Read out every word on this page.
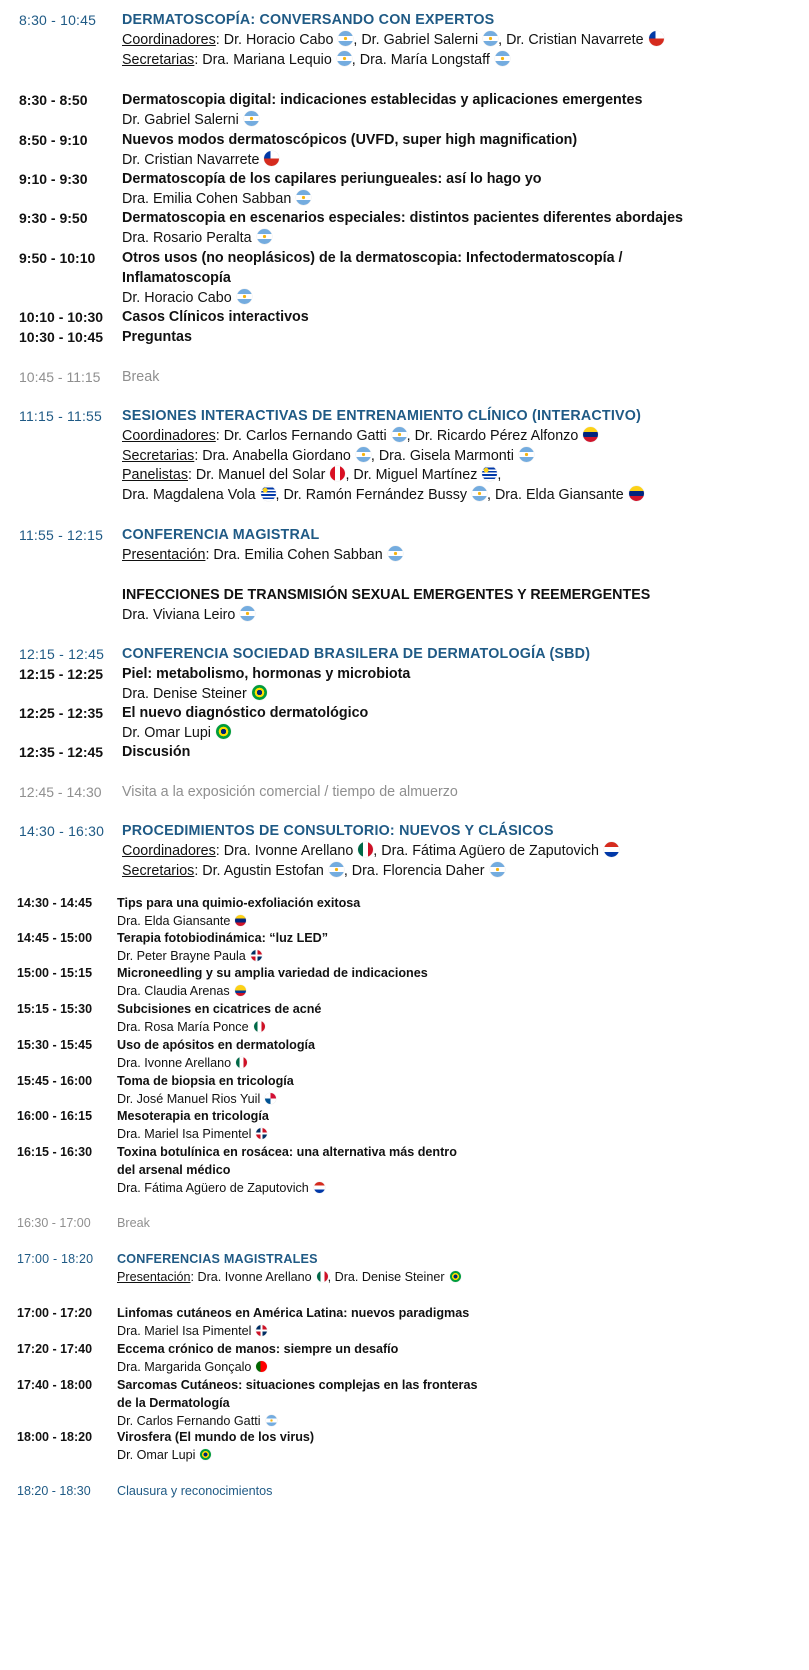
8:30 - 10:45 DERMATOSCOPÍA: CONVERSANDO CON EXPERTOS
Coordinadores: Dr. Horacio Cabo , Dr. Gabriel Salerni , Dr. Cristian Navarrete
Secretarias: Dra. Mariana Lequio , Dra. María Longstaff
8:30 - 8:50 Dermatoscopia digital: indicaciones establecidas y aplicaciones emergentes
Dr. Gabriel Salerni
8:50 - 9:10 Nuevos modos dermatoscópicos (UVFD, super high magnification)
Dr. Cristian Navarrete
9:10 - 9:30 Dermatoscopía de los capilares periungueales: así lo hago yo
Dra. Emilia Cohen Sabban
9:30 - 9:50 Dermatoscopia en escenarios especiales: distintos pacientes diferentes abordajes
Dra. Rosario Peralta
9:50 - 10:10 Otros usos (no neoplásicos) de la dermatoscopia: Infectodermatoscopía /
Inflamatoscopía
Dr. Horacio Cabo
10:10 - 10:30 Casos Clínicos interactivos
10:30 - 10:45 Preguntas
10:45 - 11:15 Break
11:15 - 11:55 SESIONES INTERACTIVAS DE ENTRENAMIENTO CLÍNICO (INTERACTIVO)
Coordinadores: Dr. Carlos Fernando Gatti , Dr. Ricardo Pérez Alfonzo
Secretarias: Dra. Anabella Giordano , Dra. Gisela Marmonti
Panelistas: Dr. Manuel del Solar , Dr. Miguel Martínez ,
Dra. Magdalena Vola , Dr. Ramón Fernández Bussy , Dra. Elda Giansante
11:55 - 12:15 CONFERENCIA MAGISTRAL
Presentación: Dra. Emilia Cohen Sabban
INFECCIONES DE TRANSMISIÓN SEXUAL EMERGENTES Y REEMERGENTES
Dra. Viviana Leiro
12:15 - 12:45 CONFERENCIA SOCIEDAD BRASILERA DE DERMATOLOGÍA (SBD)
12:15 - 12:25 Piel: metabolismo, hormonas y microbiota
Dra. Denise Steiner
12:25 - 12:35 El nuevo diagnóstico dermatológico
Dr. Omar Lupi
12:35 - 12:45 Discusión
12:45 - 14:30 Visita a la exposición comercial / tiempo de almuerzo
14:30 - 16:30 PROCEDIMIENTOS DE CONSULTORIO: NUEVOS Y CLÁSICOS
Coordinadores: Dra. Ivonne Arellano , Dra. Fátima Agüero de Zaputovich
Secretarios: Dr. Agustin Estofan , Dra. Florencia Daher
14:30 - 14:45 Tips para una quimio-exfoliación exitosa
Dra. Elda Giansante
14:45 - 15:00 Terapia fotobiodinámica: “luz LED”
Dr. Peter Brayne Paula
15:00 - 15:15 Microneedling y su amplia variedad de indicaciones
Dra. Claudia Arenas
15:15 - 15:30 Subcisiones en cicatrices de acné
Dra. Rosa María Ponce
15:30 - 15:45 Uso de apósitos en dermatología
Dra. Ivonne Arellano
15:45 - 16:00 Toma de biopsia en tricología
Dr. José Manuel Rios Yuil
16:00 - 16:15 Mesoterapia en tricología
Dra. Mariel Isa Pimentel
16:15 - 16:30 Toxina botulínica en rosácea: una alternativa más dentro
del arsenal médico
Dra. Fátima Agüero de Zaputovich
16:30 - 17:00 Break
17:00 - 18:20 CONFERENCIAS MAGISTRALES
Presentación: Dra. Ivonne Arellano , Dra. Denise Steiner
17:00 - 17:20 Linfomas cutáneos en América Latina: nuevos paradigmas
Dra. Mariel Isa Pimentel
17:20 - 17:40 Eccema crónico de manos: siempre un desafío
Dra. Margarida Gonçalo
17:40 - 18:00 Sarcomas Cutáneos: situaciones complejas en las fronteras
de la Dermatología
Dr. Carlos Fernando Gatti
18:00 - 18:20 Virosfera (El mundo de los virus)
Dr. Omar Lupi
18:20 - 18:30 Clausura y reconocimientos
